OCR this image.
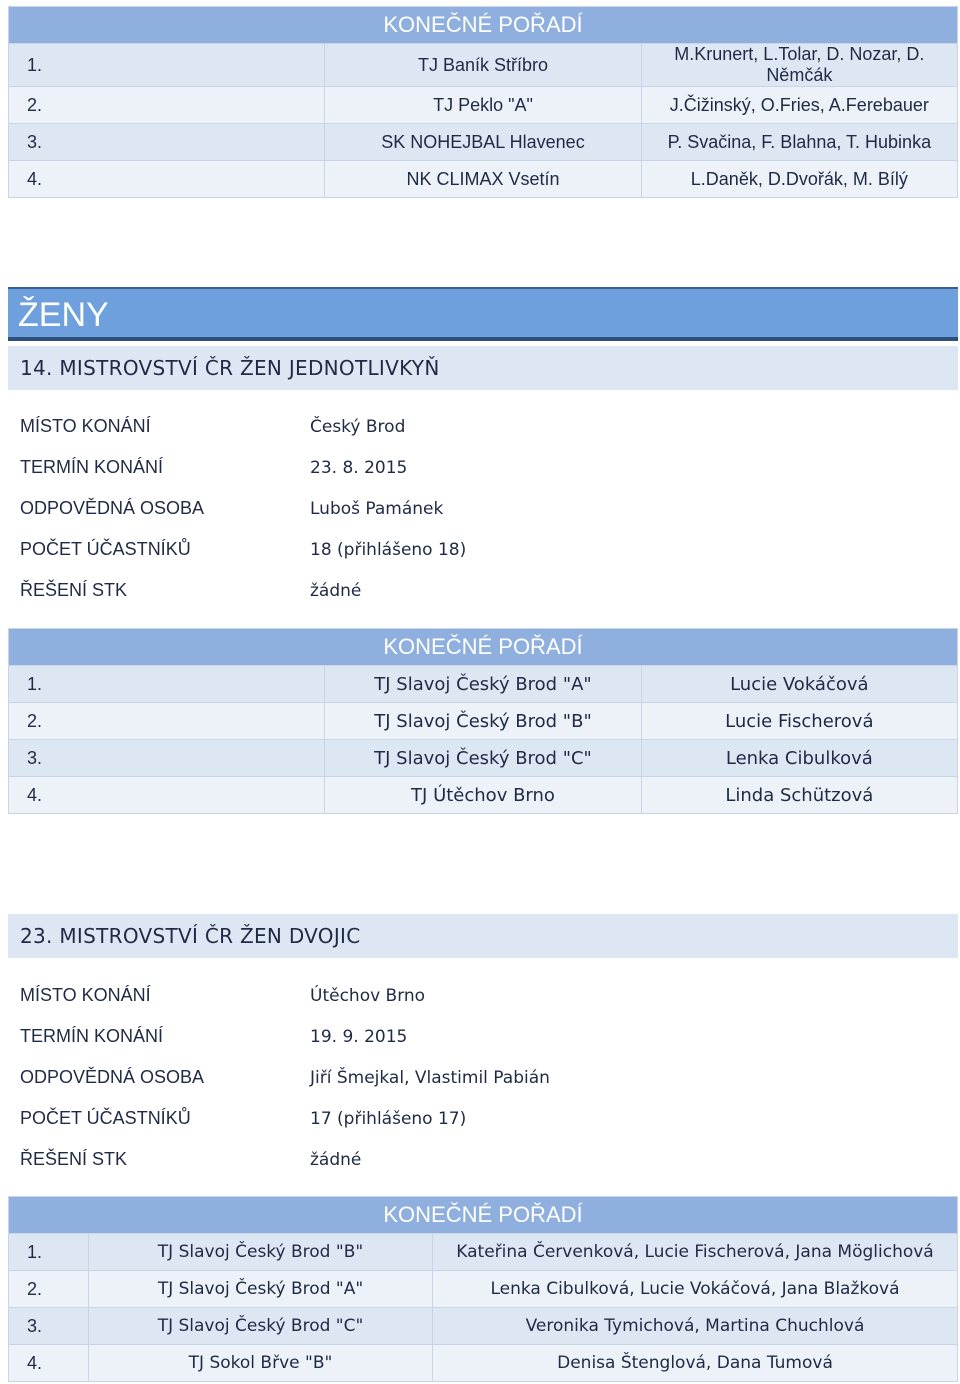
KONEČNÉ POŘADÍ		
1.	TJ Baník Stříbro	M.Krunert, L.Tolar, D. Nozar, D. Němčák
2.	TJ Peklo "A"	J.Čižinský, O.Fries, A.Ferebauer
3.	SK NOHEJBAL Hlavenec	P. Svačina, F. Blahna, T. Hubinka
4.	NK CLIMAX Vsetín	L.Daněk, D.Dvořák, M. Bílý
ŽENY
14. MISTROVSTVÍ ČR ŽEN JEDNOTLIVKYŇ
MÍSTO KONÁNÍ	Český Brod
TERMÍN KONÁNÍ	23. 8. 2015
ODPOVĚDNÁ OSOBA	Luboš Pamánek
POČET ÚČASTNÍKŮ	18 (přihlášeno 18)
ŘEŠENÍ STK	žádné
KONEČNÉ POŘADÍ		
1.	TJ Slavoj Český Brod "A"	Lucie Vokáčová
2.	TJ Slavoj Český Brod "B"	Lucie Fischerová
3.	TJ Slavoj Český Brod "C"	Lenka Cibulková
4.	TJ Útěchov Brno	Linda Schützová
23. MISTROVSTVÍ ČR ŽEN DVOJIC
MÍSTO KONÁNÍ	Útěchov Brno
TERMÍN KONÁNÍ	19. 9. 2015
ODPOVĚDNÁ OSOBA	Jiří Šmejkal, Vlastimil Pabián
POČET ÚČASTNÍKŮ	17 (přihlášeno 17)
ŘEŠENÍ STK	žádné
KONEČNÉ POŘADÍ		
1.	TJ Slavoj Český Brod "B"	Kateřina Červenková, Lucie Fischerová, Jana Möglichová
2.	TJ Slavoj Český Brod "A"	Lenka Cibulková, Lucie Vokáčová, Jana Blažková
3.	TJ Slavoj Český Brod "C"	Veronika Tymichová, Martina Chuchlová
4.	TJ Sokol Břve "B"	Denisa Štenglová, Dana Tumová
